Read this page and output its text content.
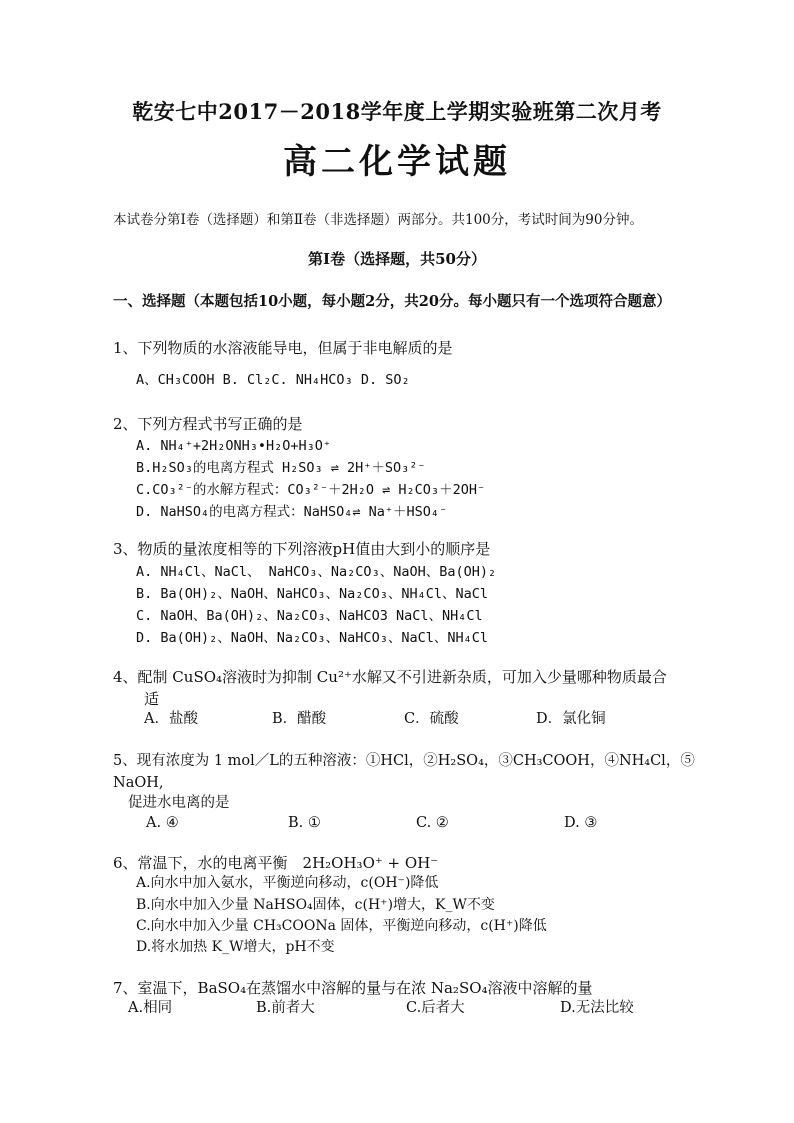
乾安七中2017－2018学年度上学期实验班第二次月考
高二化学试题
本试卷分第Ⅰ卷（选择题）和第Ⅱ卷（非选择题）两部分。共100分，考试时间为90分钟。
第Ⅰ卷（选择题，共50分）
一、选择题（本题包括10小题，每小题2分，共20分。每小题只有一个选项符合题意）
1、下列物质的水溶液能导电，但属于非电解质的是
A、CH₃COOH B. Cl₂C. NH₄HCO₃ D. SO₂
2、下列方程式书写正确的是
A. NH₄⁺+2H₂ONH₃•H₂O+H₃O⁺
B.H₂SO₃的电离方程式 H₂SO₃ ⇌ 2H⁺＋SO₃²⁻
C.CO₃²⁻的水解方程式：CO₃²⁻＋2H₂O ⇌ H₂CO₃＋2OH⁻
D. NaHSO₄的电离方程式：NaHSO₄⇌ Na⁺＋HSO₄⁻
3、物质的量浓度相等的下列溶液pH值由大到小的顺序是
A. NH₄Cl、NaCl、 NaHCO₃、Na₂CO₃、NaOH、Ba(OH)₂
B. Ba(OH)₂、NaOH、NaHCO₃、Na₂CO₃、NH₄Cl、NaCl
C. NaOH、Ba(OH)₂、Na₂CO₃、NaHCO3 NaCl、NH₄Cl
D. Ba(OH)₂、NaOH、Na₂CO₃、NaHCO₃、NaCl、NH₄Cl
4、配制 CuSO₄溶液时为抑制 Cu²⁺水解又不引进新杂质，可加入少量哪种物质最合
适
A．盐酸	B．醋酸	C．硫酸	D．氯化铜
5、现有浓度为 1 mol／L的五种溶液：①HCl，②H₂SO₄，③CH₃COOH，④NH₄Cl，⑤
NaOH,
促进水电离的是
A. ④	B. ①	C. ②	D. ③
6、常温下，水的电离平衡　2H₂OH₃O⁺ + OH⁻
A.向水中加入氨水，平衡逆向移动，c(OH⁻)降低
B.向水中加入少量 NaHSO₄固体，c(H⁺)增大，K_W不变
C.向水中加入少量 CH₃COONa 固体，平衡逆向移动，c(H⁺)降低
D.将水加热 K_W增大，pH不变
7、室温下，BaSO₄在蒸馏水中溶解的量与在浓 Na₂SO₄溶液中溶解的量
A.相同	B.前者大	C.后者大	D.无法比较
